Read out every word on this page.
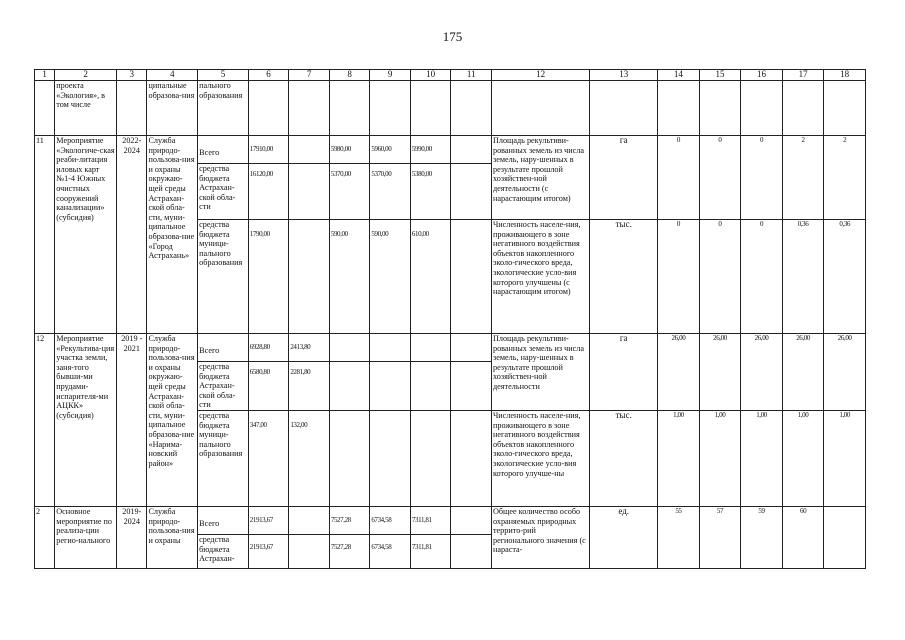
175
1	2	3	4	5	6	7	8	9	10	11	12	13	14	15	16	17	18
	проекта «Экология», в том числе		ципальные образова-ния	пального образования													
11	Мероприятие «Экологиче-ская реаби-литация иловых карт №1-4 Южных очистных сооружений канализации» (субсидия)	2022-2024	Служба природо-пользова-ния и охраны окружаю-щей среды Астрахан-ской обла-сти, муни-ципальное образова-ние «Город Астрахань»	Всего	17910,00		5980,00	5960,00	5990,00		Площадь рекультиви-рованных земель из числа земель, нару-шенных в результате прошлой хозяйствен-ной деятельности (с нарастающим итогом)	га	0	0	0	2	2
				средства бюджета Астрахан-ской обла-сти	16120,00		5370,00	5370,00	5380,00								
				средства бюджета муници-пального образования	1790,00		590,00	590,00	610,00		Численность населе-ния, проживающего в зоне негативного воздействия объектов накопленного эколо-гического вреда, экологические усло-вия которого улучшены (с нарастающим итогом)	тыс.	0	0	0	0,36	0,36
12	Мероприятие «Рекультива-ция участка земли, заня-того бывши-ми прудами-испарителя-ми АЦКК» (субсидия)	2019 - 2021	Служба природо-пользова-ния и охраны окружаю-щей среды Астрахан-ской обла-сти, муни-ципальное образова-ние «Нарима-новский район»	Всего	6928,80	2413,80					Площадь рекультиви-рованных земель из числа земель, нару-шенных в результате прошлой хозяйствен-ной деятельности	га	26,00	26,00	26,00	26,00	26,00
				средства бюджета Астрахан-ской обла-сти	6580,80	2281,80											
				средства бюджета муници-пального образования	347,00	132,00					Численность населе-ния, проживающего в зоне негативного воздействия объектов накопленного эколо-гического вреда, экологические усло-вия которого улучше-ны	тыс.	1,00	1,00	1,00	1,00	1,00
2	Основное мероприятие по реализа-ции регио-нального	2019-2024	Служба природо-пользова-ния и охраны	Всего	21913,67		7527,28	6734,58	7311,81		Общее количество особо охраняемых природных террито-рий регионального значения (с нараста-	ед.	55	57	59	60	
				средства бюджета Астрахан-	21913,67		7527,28	6734,58	7311,81								
